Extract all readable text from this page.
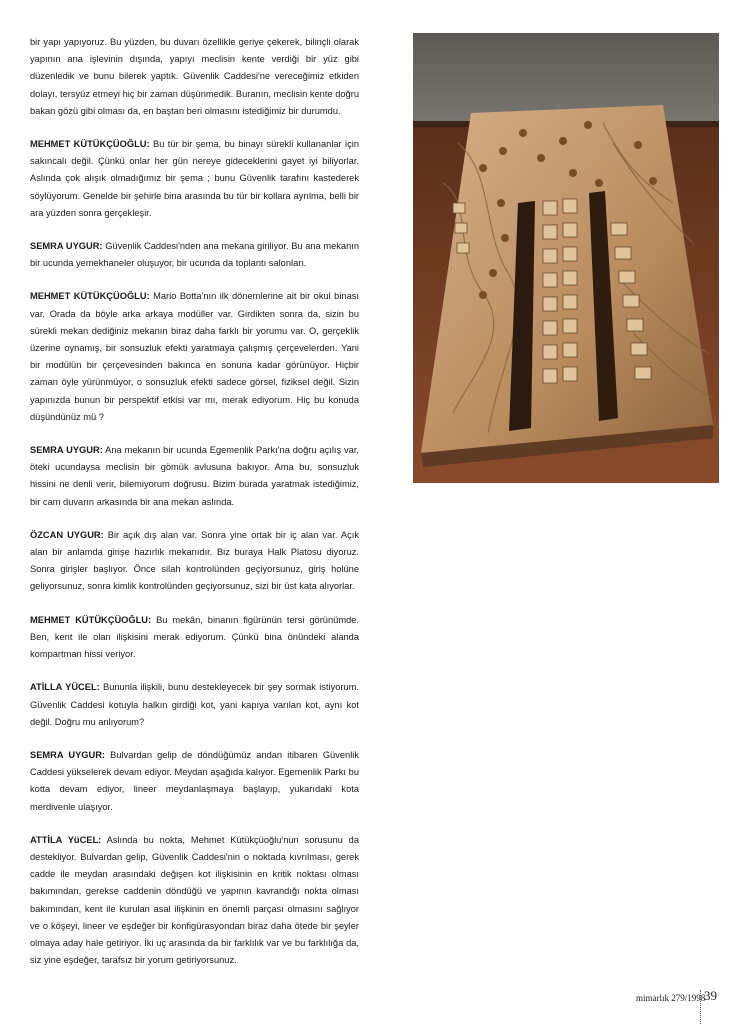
bir yapı yapıyoruz. Bu yüzden, bu duvarı özellikle geriye çekerek, bilinçli olarak yapının ana işlevinin dışında, yapıyı meclisin kente verdiği bir yüz gibi düzenledik ve bunu bilerek yaptık. Güvenlik Caddesi'ne vereceğimiz etkiden dolayı, tersyüz etmeyi hiç bir zaman düşünmedik. Buranın, meclisin kente doğru bakan gözü gibi olması da, en baştan beri olmasını istediğimiz bir durumdu.

MEHMET KÜTÜKÇÜOĞLU: Bu tür bir şema, bu binayı sürekli kullananlar için sakıncalı değil. Çünkü onlar her gün nereye gideceklerini gayet iyi biliyorlar. Aslında çok alışık olmadığımız bir şema ; bunu Güvenlik tarafını kastederek söylüyorum. Genelde bir şehirle bina arasında bu tür bir kollara ayrılma, belli bir ara yüzden sonra gerçekleşir.

SEMRA UYGUR: Güvenlik Caddesi'nden ana mekana giriliyor. Bu ana mekanın bir ucunda yemekhaneler oluşuyor, bir ucunda da toplantı salonları.

MEHMET KÜTÜKÇÜOĞLU: Mario Botta'nın ilk dönemlerine ait bir okul binası var. Orada da böyle arka arkaya modüller var. Girdikten sonra da, sizin bu sürekli mekan dediğiniz mekanın biraz daha farklı bir yorumu var. O, gerçeklik üzerine oynamış, bir sonsuzluk efekti yaratmaya çalışmış çerçevelerden. Yani bir modülün bir çerçevesinden bakınca en sonuna kadar görünüyor. Hiçbir zaman öyle yürünmüyor, o sonsuzluk efekti sadece görsel, fiziksel değil. Sizin yapınızda bunun bir perspektif etkisi var mı, merak ediyorum. Hiç bu konuda düşündünüz mü ?

SEMRA UYGUR: Ana mekanın bir ucunda Egemenlik Parkı'na doğru açılış var, öteki ucundaysa meclisin bir gömük avlusuna bakıyor. Ama bu, sonsuzluk hissini ne denli verir, bilemiyorum doğrusu. Bizim burada yaratmak istediğimiz, bir cam duvarın arkasında bir ana mekan aslında.

ÖZCAN UYGUR: Bir açık dış alan var. Sonra yine ortak bir iç alan var. Açık alan bir anlamda girişe hazırlık mekanıdır. Biz buraya Halk Platosu diyoruz. Sonra girişler başlıyor. Önce silah kontrolünden geçiyorsunuz, giriş holüne geliyorsunuz, sonra kimlik kontrolünden geçiyorsunuz, sizi bir üst kata alıyorlar.

MEHMET KÜTÜKÇÜOĞLU: Bu mekân, binanın figürünün tersi görünümde. Ben, kent ile olan ilişkisini merak ediyorum. Çünkü bina önündeki alanda kompartman hissi veriyor.

ATİLLA YÜCEL: Bununla ilişkili, bunu destekleyecek bir şey sormak istiyorum. Güvenlik Caddesi kotuyla halkın girdiği kot, yani kapıya varılan kot, aynı kot değil. Doğru mu anlıyorum?

SEMRA UYGUR: Bulvardan gelip de döndüğümüz andan itibaren Güvenlik Caddesi yükselerek devam ediyor. Meydan aşağıda kalıyor. Egemenlik Parkı bu kotta devam ediyor, lineer meydanlaşmaya başlayıp, yukarıdaki kota merdivenle ulaşıyor.

ATTİLA YüCEL: Aslında bu nokta, Mehmet Kütükçüoğlu'nun sorusunu da destekliyor. Bulvardan gelip, Güvenlik Caddesi'nin o noktada kıvrılması, gerek cadde ile meydan arasındaki değişen kot ilişkisinin en kritik noktası olması bakımından, gerekse caddenin döndüğü ve yapının kavrandığı nokta olması bakımından, kent ile kurulan asal ilişkinin en önemli parçası olmasını sağlıyor ve o köşeyi, lineer ve eşdeğer bir konfigürasyondan biraz daha ötede bir şeyler olmaya aday hale getiriyor. İki uç arasında da bir farklılık var ve bu farklılığa da, siz yine eşdeğer, tarafsız bir yorum getiriyorsunuz.

mimarlık 279/1998
39
